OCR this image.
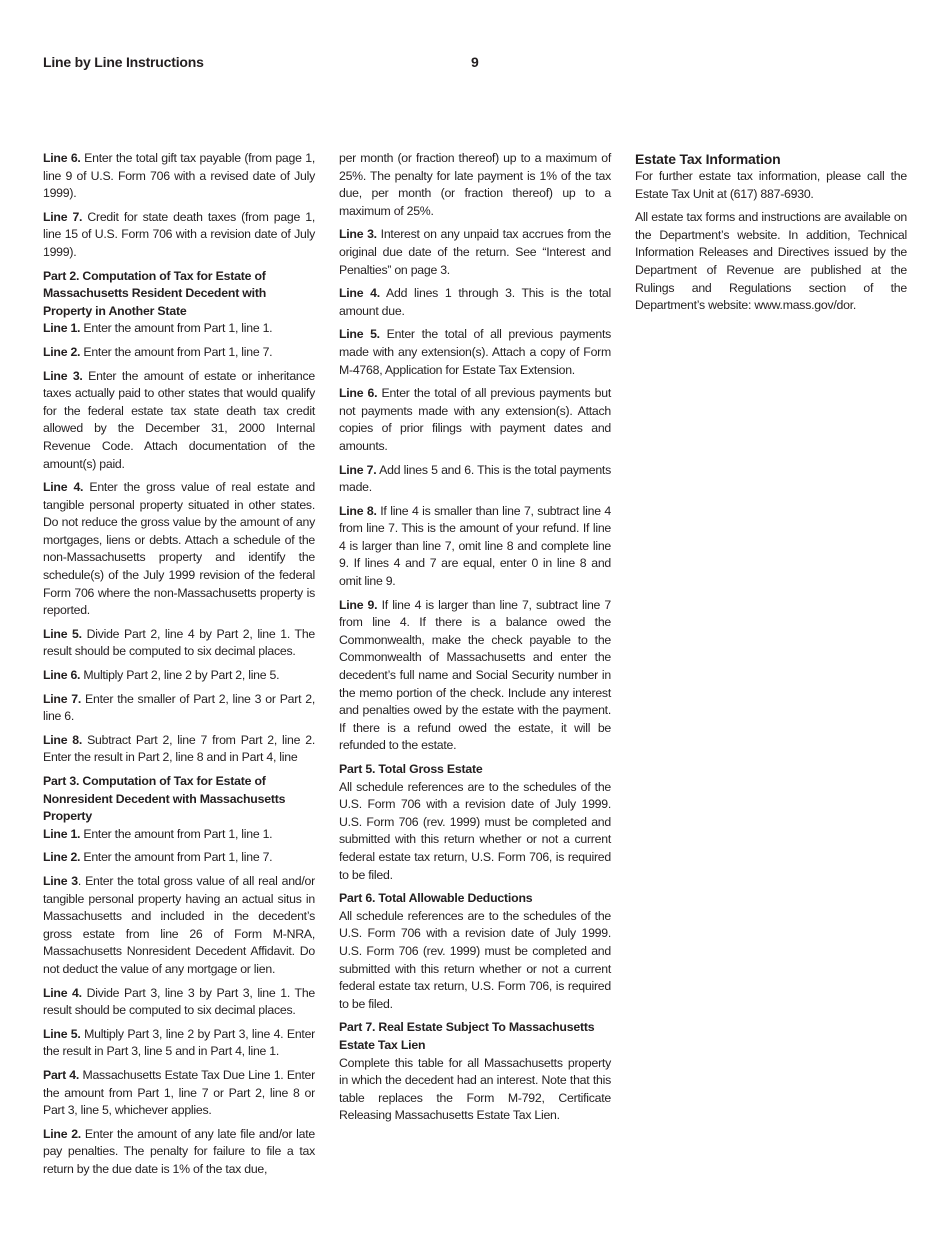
Line by Line Instructions	9

Line 6. Enter the total gift tax payable (from page 1, line 9 of U.S. Form 706 with a revised date of July 1999).

Line 7. Credit for state death taxes (from page 1, line 15 of U.S. Form 706 with a revision date of July 1999).

Part 2. Computation of Tax for Estate of Massachusetts Resident Decedent with Property in Another State

Line 1. Enter the amount from Part 1, line 1.

Line 2. Enter the amount from Part 1, line 7.

Line 3. Enter the amount of estate or inheritance taxes actually paid to other states that would qualify for the federal estate tax state death tax credit allowed by the December 31, 2000 Internal Revenue Code. Attach documentation of the amount(s) paid.

Line 4. Enter the gross value of real estate and tangible personal property situated in other states. Do not reduce the gross value by the amount of any mortgages, liens or debts. Attach a schedule of the non-Massachusetts property and identify the schedule(s) of the July 1999 revision of the federal Form 706 where the non-Massachusetts property is reported.

Line 5. Divide Part 2, line 4 by Part 2, line 1. The result should be computed to six decimal places.

Line 6. Multiply Part 2, line 2 by Part 2, line 5.

Line 7. Enter the smaller of Part 2, line 3 or Part 2, line 6.

Line 8. Subtract Part 2, line 7 from Part 2, line 2. Enter the result in Part 2, line 8 and in Part 4, line

Part 3. Computation of Tax for Estate of Nonresident Decedent with Massachusetts Property

Line 1. Enter the amount from Part 1, line 1.

Line 2. Enter the amount from Part 1, line 7.

Line 3. Enter the total gross value of all real and/or tangible personal property having an actual situs in Massachusetts and included in the decedent’s gross estate from line 26 of Form M-NRA, Massachusetts Nonresident Decedent Affidavit. Do not deduct the value of any mortgage or lien.

Line 4. Divide Part 3, line 3 by Part 3, line 1. The result should be computed to six decimal places.

Line 5. Multiply Part 3, line 2 by Part 3, line 4. Enter the result in Part 3, line 5 and in Part 4, line 1.

Part 4. Massachusetts Estate Tax Due Line 1. Enter the amount from Part 1, line 7 or Part 2, line 8 or Part 3, line 5, whichever applies.

Line 2. Enter the amount of any late file and/or late pay penalties. The penalty for failure to file a tax return by the due date is 1% of the tax due,

per month (or fraction thereof) up to a maximum of 25%. The penalty for late payment is 1% of the tax due, per month (or fraction thereof) up to a maximum of 25%.

Line 3. Interest on any unpaid tax accrues from the original due date of the return. See “Interest and Penalties” on page 3.

Line 4. Add lines 1 through 3. This is the total amount due.

Line 5. Enter the total of all previous payments made with any extension(s). Attach a copy of Form M-4768, Application for Estate Tax Extension.

Line 6. Enter the total of all previous payments but not payments made with any extension(s). Attach copies of prior filings with payment dates and amounts.

Line 7. Add lines 5 and 6. This is the total payments made.

Line 8. If line 4 is smaller than line 7, subtract line 4 from line 7. This is the amount of your refund. If line 4 is larger than line 7, omit line 8 and complete line 9. If lines 4 and 7 are equal, enter 0 in line 8 and omit line 9.

Line 9. If line 4 is larger than line 7, subtract line 7 from line 4. If there is a balance owed the Commonwealth, make the check payable to the Commonwealth of Massachusetts and enter the decedent’s full name and Social Security number in the memo portion of the check. Include any interest and penalties owed by the estate with the payment. If there is a refund owed the estate, it will be refunded to the estate.

Part 5. Total Gross Estate

All schedule references are to the schedules of the U.S. Form 706 with a revision date of July 1999. U.S. Form 706 (rev. 1999) must be completed and submitted with this return whether or not a current federal estate tax return, U.S. Form 706, is required to be filed.

Part 6. Total Allowable Deductions

All schedule references are to the schedules of the U.S. Form 706 with a revision date of July 1999. U.S. Form 706 (rev. 1999) must be completed and submitted with this return whether or not a current federal estate tax return, U.S. Form 706, is required to be filed.

Part 7. Real Estate Subject To Massachusetts Estate Tax Lien

Complete this table for all Massachusetts property in which the decedent had an interest. Note that this table replaces the Form M-792, Certificate Releasing Massachusetts Estate Tax Lien.

Estate Tax Information

For further estate tax information, please call the Estate Tax Unit at (617) 887-6930.

All estate tax forms and instructions are available on the Department’s website. In addition, Technical Information Releases and Directives issued by the Department of Revenue are published at the Rulings and Regulations section of the Department’s website: www.mass.gov/dor.
